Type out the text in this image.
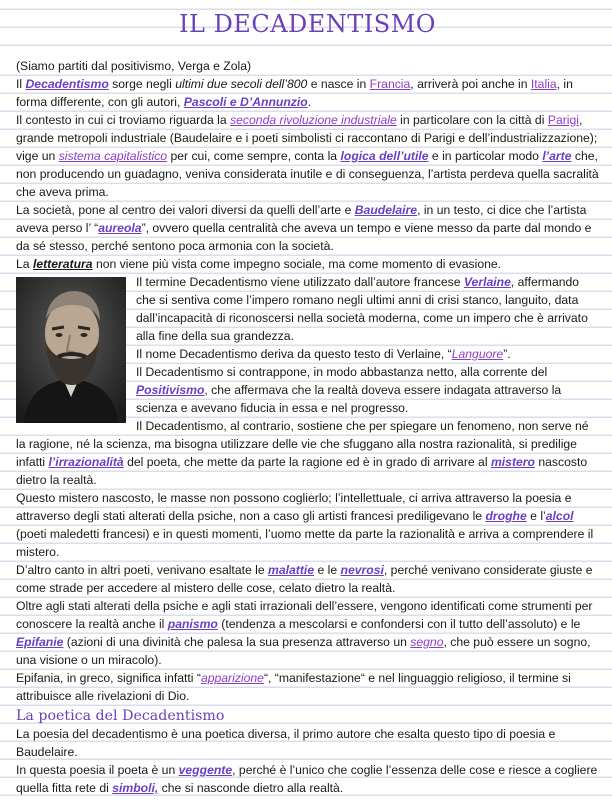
IL DECADENTISMO

(Siamo partiti dal positivismo, Verga e Zola)

Il Decadentismo sorge negli ultimi due secoli dell’800 e nasce in Francia, arriverà poi anche in Italia, in forma differente, con gli autori, Pascoli e D’Annunzio.

Il contesto in cui ci troviamo riguarda la seconda rivoluzione industriale in particolare con la città di Parigi, grande metropoli industriale (Baudelaire e i poeti simbolisti ci raccontano di Parigi e dell’industrializzazione); vige un sistema capitalistico per cui, come sempre, conta la logica dell’utile e in particolar modo l’arte che, non producendo un guadagno, veniva considerata inutile e di conseguenza, l’artista perdeva quella sacralità che aveva prima.

La società, pone al centro dei valori diversi da quelli dell’arte e Baudelaire, in un testo, ci dice che l’artista aveva perso l’ “aureola”, ovvero quella centralità che aveva un tempo e viene messo da parte dal mondo e da sé stesso, perché sentono poca armonia con la società.

La letteratura non viene più vista come impegno sociale, ma come momento di evasione.

Il termine Decadentismo viene utilizzato dall’autore francese Verlaine, affermando che si sentiva come l’impero romano negli ultimi anni di crisi stanco, languito, data dall’incapacità di riconoscersi nella società moderna, come un impero che è arrivato alla fine della sua grandezza.

Il nome Decadentismo deriva da questo testo di Verlaine, “Languore”.

Il Decadentismo si contrappone, in modo abbastanza netto, alla corrente del Positivismo, che affermava che la realtà doveva essere indagata attraverso la scienza e avevano fiducia in essa e nel progresso.

Il Decadentismo, al contrario, sostiene che per spiegare un fenomeno, non serve né la ragione, né la scienza, ma bisogna utilizzare delle vie che sfuggano alla nostra razionalità, si predilige infatti l’irrazionalità del poeta, che mette da parte la ragione ed è in grado di arrivare al mistero nascosto dietro la realtà.

Questo mistero nascosto, le masse non possono coglierlo; l’intellettuale, ci arriva attraverso la poesia e attraverso degli stati alterati della psiche, non a caso gli artisti francesi prediligevano le droghe e l’alcol (poeti maledetti francesi) e in questi momenti, l’uomo mette da parte la razionalità e arriva a comprendere il mistero.

D’altro canto in altri poeti, venivano esaltate le malattie e le nevrosi, perché venivano considerate giuste e come strade per accedere al mistero delle cose, celato dietro la realtà.

Oltre agli stati alterati della psiche e agli stati irrazionali dell’essere, vengono identificati come strumenti per conoscere la realtà anche il panismo (tendenza a mescolarsi e confondersi con il tutto dell’assoluto) e le Epifanie (azioni di una divinità che palesa la sua presenza attraverso un segno, che può essere un sogno, una visione o un miracolo).

Epifania, in greco, significa infatti “apparizione“, “manifestazione“ e nel linguaggio religioso, il termine si attribuisce alle rivelazioni di Dio.

La poetica del Decadentismo

La poesia del decadentismo è una poetica diversa, il primo autore che esalta questo tipo di poesia e Baudelaire.

In questa poesia il poeta è un veggente, perché è l’unico che coglie l’essenza delle cose e riesce a cogliere quella fitta rete di simboli, che si nasconde dietro alla realtà.
